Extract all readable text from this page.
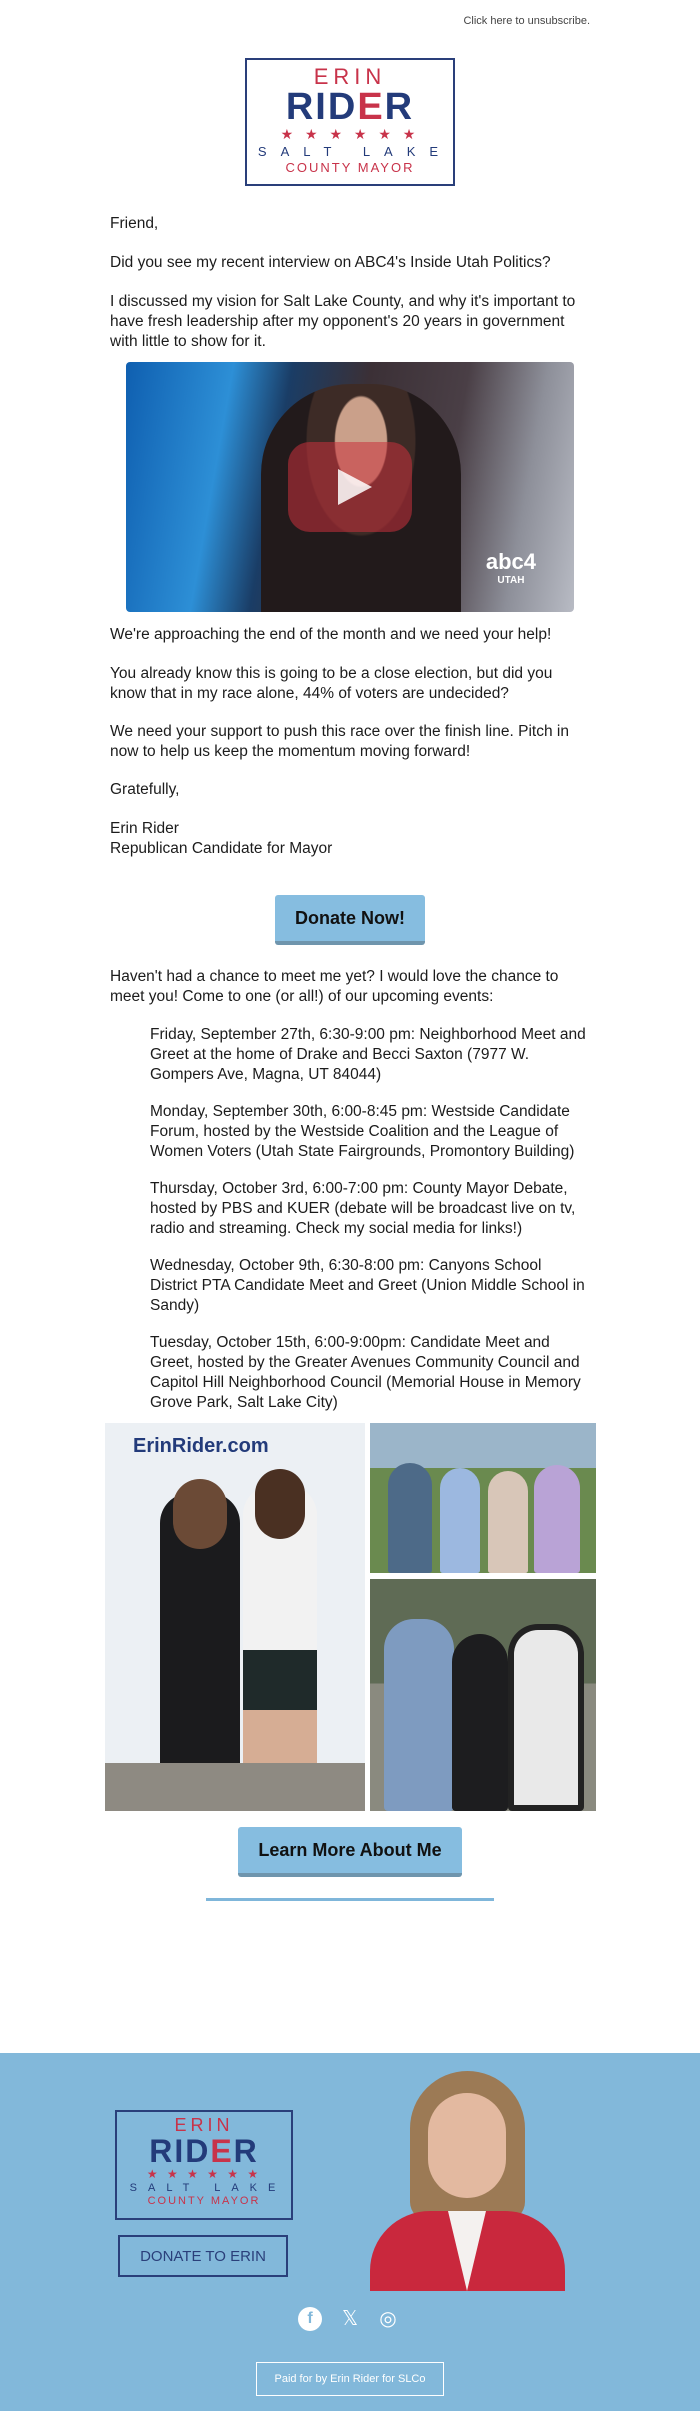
Click here to unsubscribe.
ERIN
RIDER
★ ★ ★ ★ ★ ★
SALT LAKE
COUNTY MAYOR

Friend,

Did you see my recent interview on ABC4's Inside Utah Politics?

I discussed my vision for Salt Lake County, and why it's important to have fresh leadership after my opponent's 20 years in government with little to show for it.

abc4
UTAH

We're approaching the end of the month and we need your help!

You already know this is going to be a close election, but did you know that in my race alone, 44% of voters are undecided?

We need your support to push this race over the finish line. Pitch in now to help us keep the momentum moving forward!

Gratefully,

Erin Rider

Republican Candidate for Mayor

Donate Now!

Haven't had a chance to meet me yet? I would love the chance to meet you! Come to one (or all!) of our upcoming events:

Friday, September 27th, 6:30-9:00 pm: Neighborhood Meet and Greet at the home of Drake and Becci Saxton (7977 W. Gompers Ave, Magna, UT 84044)

Monday, September 30th, 6:00-8:45 pm: Westside Candidate Forum, hosted by the Westside Coalition and the League of Women Voters (Utah State Fairgrounds, Promontory Building)

Thursday, October 3rd, 6:00-7:00 pm: County Mayor Debate, hosted by PBS and KUER (debate will be broadcast live on tv, radio and streaming. Check my social media for links!)

Wednesday, October 9th, 6:30-8:00 pm: Canyons School District PTA Candidate Meet and Greet (Union Middle School in Sandy)

Tuesday, October 15th, 6:00-9:00pm: Candidate Meet and Greet, hosted by the Greater Avenues Community Council and Capitol Hill Neighborhood Council (Memorial House in Memory Grove Park, Salt Lake City)

ErinRider.com
Learn More About Me
ERIN
RIDER
★ ★ ★ ★ ★ ★
SALT LAKE
COUNTY MAYOR
DONATE TO ERIN
f	𝕏 ◎
Paid for by Erin Rider for SLCo
